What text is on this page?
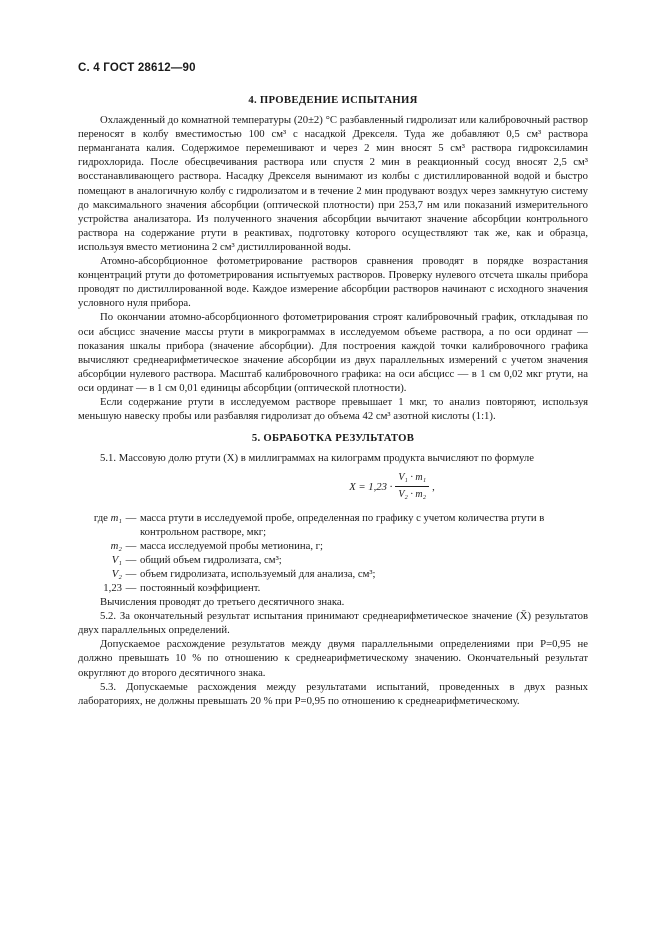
С. 4 ГОСТ 28612—90
4. ПРОВЕДЕНИЕ ИСПЫТАНИЯ

Охлажденный до комнатной температуры (20±2) °С разбавленный гидролизат или калибровочный раствор переносят в колбу вместимостью 100 см³ с насадкой Дрекселя. Туда же добавляют 0,5 см³ раствора перманганата калия. Содержимое перемешивают и через 2 мин вносят 5 см³ раствора гидроксиламин гидрохлорида. После обесцвечивания раствора или спустя 2 мин в реакционный сосуд вносят 2,5 см³ восстанавливающего раствора. Насадку Дрекселя вынимают из колбы с дистиллированной водой и быстро помещают в аналогичную колбу с гидролизатом и в течение 2 мин продувают воздух через замкнутую систему до максимального значения абсорбции (оптической плотности) при 253,7 нм или показаний измерительного устройства анализатора. Из полученного значения абсорбции вычитают значение абсорбции контрольного раствора на содержание ртути в реактивах, подготовку которого осуществляют так же, как и образца, используя вместо метионина 2 см³ дистиллированной воды.

Атомно-абсорбционное фотометрирование растворов сравнения проводят в порядке возрастания концентраций ртути до фотометрирования испытуемых растворов. Проверку нулевого отсчета шкалы прибора проводят по дистиллированной воде. Каждое измерение абсорбции растворов начинают с исходного значения условного нуля прибора.

По окончании атомно-абсорбционного фотометрирования строят калибровочный график, откладывая по оси абсцисс значение массы ртути в микрограммах в исследуемом объеме раствора, а по оси ординат — показания шкалы прибора (значение абсорбции). Для построения каждой точки калибровочного графика вычисляют среднеарифметическое значение абсорбции из двух параллельных измерений с учетом значения абсорбции нулевого раствора. Масштаб калибровочного графика: на оси абсцисс — в 1 см 0,02 мкг ртути, на оси ординат — в 1 см 0,01 единицы абсорбции (оптической плотности).

Если содержание ртути в исследуемом растворе превышает 1 мкг, то анализ повторяют, используя меньшую навеску пробы или разбавляя гидролизат до объема 42 см³ азотной кислоты (1:1).

5. ОБРАБОТКА РЕЗУЛЬТАТОВ

5.1. Массовую долю ртути (X) в миллиграммах на килограмм продукта вычисляют по формуле

$X = 1,23 \cdot \frac{\text{V₁ · m₁}}{\text{V₂ · m₂}}$ ,
где m₁ — масса ртути в исследуемой пробе, определенная по графику с учетом количества ртути в контрольном растворе, мкг;
m₂ — масса исследуемой пробы метионина, г;
V₁ — общий объем гидролизата, см³;
V₂ — объем гидролизата, используемый для анализа, см³;
1,23 — постоянный коэффициент.

Вычисления проводят до третьего десятичного знака.

5.2. За окончательный результат испытания принимают среднеарифметическое значение (X̄) результатов двух параллельных определений.

Допускаемое расхождение результатов между двумя параллельными определениями при P=0,95 не должно превышать 10 % по отношению к среднеарифметическому значению. Окончательный результат округляют до второго десятичного знака.

5.3. Допускаемые расхождения между результатами испытаний, проведенных в двух разных лабораториях, не должны превышать 20 % при P=0,95 по отношению к среднеарифметическому.
